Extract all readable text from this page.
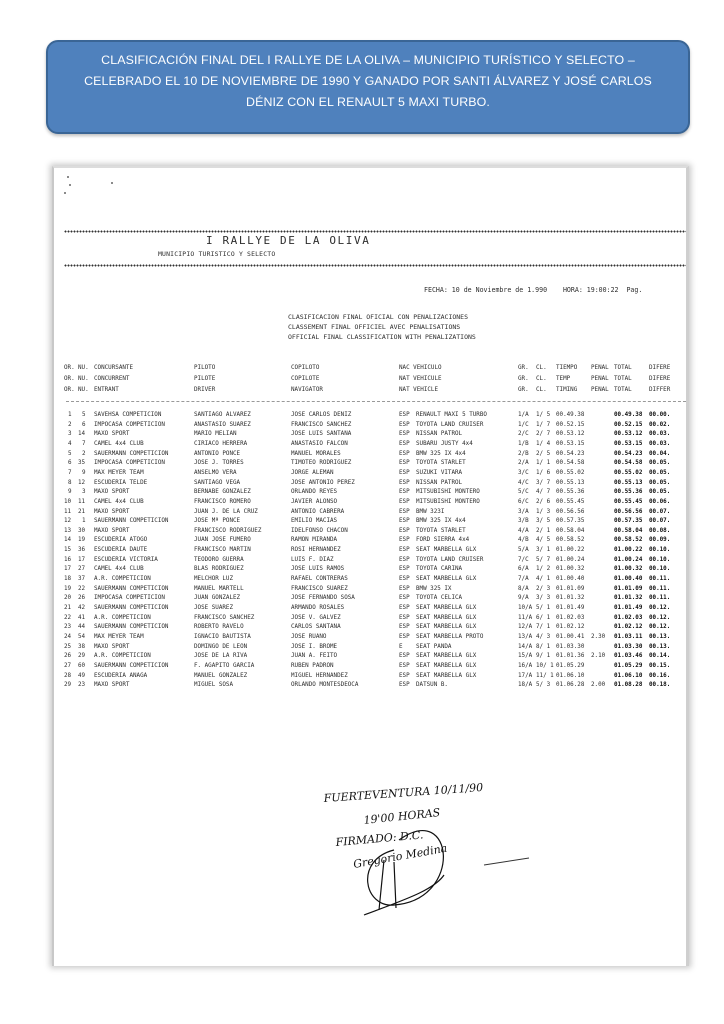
CLASIFICACIÓN FINAL DEL I RALLYE DE LA OLIVA – MUNICIPIO TURÍSTICO Y SELECTO –
CELEBRADO EL 10 DE NOVIEMBRE DE 1990 Y GANADO POR SANTI ÁLVAREZ Y JOSÉ CARLOS
DÉNIZ CON EL RENAULT 5 MAXI TURBO.
I RALLYE DE LA OLIVA
MUNICIPIO TURISTICO Y SELECTO
FECHA: 10 de Noviembre de 1.990    HORA: 19:00:22  Pag.
CLASIFICACION FINAL OFICIAL CON PENALIZACIONES
CLASSEMENT FINAL OFFICIEL AVEC PENALISATIONS
OFFICIAL FINAL CLASSIFICATION WITH PENALIZATIONS
OR. NU. CONCURSANTE	PILOTO	COPILOTO	NAC VEHICULO	GR. CL. TIEMPO PENAL TOTAL	DIFERE
OR. NU. CONCURRENT	PILOTE	COPILOTE	NAT VEHICULE	GR. CL. TEMP	PENAL TOTAL	DIFERE
OR. NU. ENTRANT	DRIVER	NAVIGATOR	NAT VEHICLE	GR. CL. TIMING PENAL TOTAL	DIFFER
1 5 SAVEHSA COMPETICION	SANTIAGO ALVAREZ	JOSE CARLOS DENIZ	ESP RENAULT MAXI 5 TURBO	1/A 1/ 5 00.49.38	00.49.38 00.00.
2 6 IMPOCASA COMPETICION	ANASTASIO SUAREZ	FRANCISCO SANCHEZ	ESP TOYOTA LAND CRUISER	1/C 1/ 7 00.52.15	00.52.15 00.02.
3 14 MAXO SPORT	MARIO MELIAN	JOSE LUIS SANTANA	ESP NISSAN PATROL	2/C 2/ 7 00.53.12	00.53.12 00.03.
4 7 CAMEL 4x4 CLUB	CIRIACO HERRERA	ANASTASIO FALCON	ESP SUBARU JUSTY 4x4	1/B 1/ 4 00.53.15	00.53.15 00.03.
5 2 SAUERMANN COMPETICION	ANTONIO PONCE	MANUEL MORALES	ESP BMW 325 IX 4x4	2/B 2/ 5 00.54.23	00.54.23 00.04.
6 35 IMPOCASA COMPETICION	JOSE J. TORRES	TIMOTEO RODRIGUEZ	ESP TOYOTA STARLET	2/A 1/ 1 00.54.58	00.54.58 00.05.
7 9 MAX MEYER TEAM	ANSELMO VERA	JORGE ALEMAN	ESP SUZUKI VITARA	3/C 1/ 6 00.55.02	00.55.02 00.05.
8 12 ESCUDERIA TELDE	SANTIAGO VEGA	JOSE ANTONIO PEREZ	ESP NISSAN PATROL	4/C 3/ 7 00.55.13	00.55.13 00.05.
9 3 MAXO SPORT	BERNABE GONZALEZ	ORLANDO REYES	ESP MITSUBISHI MONTERO	5/C 4/ 7 00.55.36	00.55.36 00.05.
10 11 CAMEL 4x4 CLUB	FRANCISCO ROMERO	JAVIER ALONSO	ESP MITSUBISHI MONTERO	6/C 2/ 6 00.55.45	00.55.45 00.06.
11 21 MAXO SPORT	JUAN J. DE LA CRUZ	ANTONIO CABRERA	ESP BMW 323I	3/A 1/ 3 00.56.56	00.56.56 00.07.
12 1 SAUERMANN COMPETICION	JOSE Mª PONCE	EMILIO MACIAS	ESP BMW 325 IX 4x4	3/B 3/ 5 00.57.35	00.57.35 00.07.
13 30 MAXO SPORT	FRANCISCO RODRIGUEZ	IDELFONSO CHACON	ESP TOYOTA STARLET	4/A 2/ 1 00.58.04	00.58.04 00.08.
14 19 ESCUDERIA ATOGO	JUAN JOSE FUMERO	RAMON MIRANDA	ESP FORD SIERRA 4x4	4/B 4/ 5 00.58.52	00.58.52 00.09.
15 36 ESCUDERIA DAUTE	FRANCISCO MARTIN	ROSI HERNANDEZ	ESP SEAT MARBELLA GLX	5/A 3/ 1 01.00.22	01.00.22 00.10.
16 17 ESCUDERIA VICTORIA	TEODORO GUERRA	LUIS F. DIAZ	ESP TOYOTA LAND CRUISER	7/C 5/ 7 01.00.24	01.00.24 00.10.
17 27 CAMEL 4x4 CLUB	BLAS RODRIGUEZ	JOSE LUIS RAMOS	ESP TOYOTA CARINA	6/A 1/ 2 01.00.32	01.00.32 00.10.
18 37 A.R. COMPETICION	MELCHOR LUZ	RAFAEL CONTRERAS	ESP SEAT MARBELLA GLX	7/A 4/ 1 01.00.40	01.00.40 00.11.
19 22 SAUERMANN COMPETICION	MANUEL MARTELL	FRANCISCO SUAREZ	ESP BMW 325 IX	8/A 2/ 3 01.01.09	01.01.09 00.11.
20 26 IMPOCASA COMPETICION	JUAN GONZALEZ	JOSE FERNANDO SOSA	ESP TOYOTA CELICA	9/A 3/ 3 01.01.32	01.01.32 00.11.
21 42 SAUERMANN COMPETICION	JOSE SUAREZ	ARMANDO ROSALES	ESP SEAT MARBELLA GLX	10/A 5/ 1 01.01.49	01.01.49 00.12.
22 41 A.R. COMPETICION	FRANCISCO SANCHEZ	JOSE V. GALVEZ	ESP SEAT MARBELLA GLX	11/A 6/ 1 01.02.03	01.02.03 00.12.
23 44 SAUERMANN COMPETICION	ROBERTO RAVELO	CARLOS SANTANA	ESP SEAT MARBELLA GLX	12/A 7/ 1 01.02.12	01.02.12 00.12.
24 54 MAX MEYER TEAM	IGNACIO BAUTISTA	JOSE RUANO	ESP SEAT MARBELLA PROTO	13/A 4/ 3 01.00.41 2.30 01.03.11 00.13.
25 38 MAXO SPORT	DOMINGO DE LEON	JOSE I. BROME	E SEAT PANDA	14/A 8/ 1 01.03.30	01.03.30 00.13.
26 29 A.R. COMPETICION	JOSE DE LA RIVA	JUAN A. FEITO	ESP SEAT MARBELLA GLX	15/A 9/ 1 01.01.36 2.10 01.03.46 00.14.
27 60 SAUERMANN COMPETICION	F. AGAPITO GARCIA	RUBEN PADRON	ESP SEAT MARBELLA GLX	16/A 10/ 1 01.05.29	01.05.29 00.15.
28 49 ESCUDERIA ANAGA	MANUEL GONZALEZ	MIGUEL HERNANDEZ	ESP SEAT MARBELLA GLX	17/A 11/ 1 01.06.10	01.06.10 00.16.
29 23 MAXO SPORT	MIGUEL SOSA	ORLANDO MONTESDEOCA	ESP DATSUN B.	18/A 5/ 3 01.06.28 2.00 01.08.28 00.18.
FUERTEVENTURA 10/11/90
19'00 HORAS
FIRMADO: D.C.
Gregorio Medina
